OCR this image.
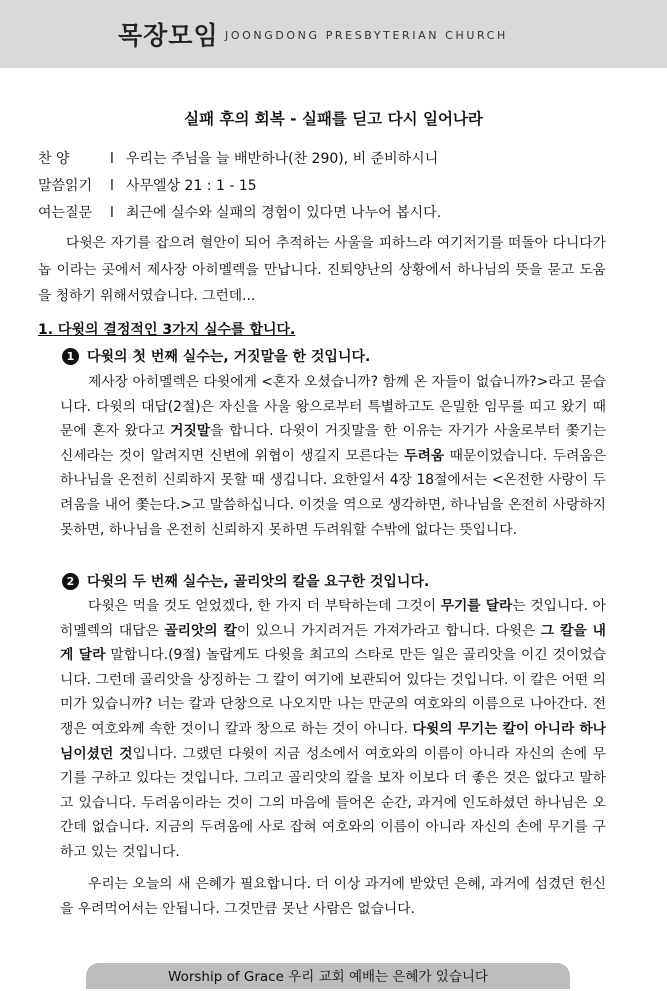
목장모임 JOONGDONG PRESBYTERIAN CHURCH
실패 후의 회복 - 실패를 딛고 다시 일어나라
찬 양	l 우리는 주님을 늘 배반하나(찬 290), 비 준비하시니
말씀읽기 l 사무엘상 21 : 1 - 15
여는질문 l 최근에 실수와 실패의 경험이 있다면 나누어 봅시다.

다윗은 자기를 잡으려 혈안이 되어 추적하는 사울을 피하느라 여기저기를 떠돌아 다니다가 놉 이라는 곳에서 제사장 아히멜렉을 만납니다. 진퇴양난의 상황에서 하나님의 뜻을 묻고 도움을 청하기 위해서였습니다. 그런데...

1. 다윗의 결정적인 3가지 실수를 합니다.
1 다윗의 첫 번째 실수는, 거짓말을 한 것입니다.

제사장 아히멜렉은 다윗에게 <혼자 오셨습니까? 함께 온 자들이 없습니까?>라고 묻습니다. 다윗의 대답(2절)은 자신을 사울 왕으로부터 특별하고도 은밀한 임무를 띠고 왔기 때문에 혼자 왔다고 거짓말을 합니다. 다윗이 거짓말을 한 이유는 자기가 사울로부터 쫓기는 신세라는 것이 알려지면 신변에 위협이 생길지 모른다는 두려움 때문이었습니다. 두려움은 하나님을 온전히 신뢰하지 못할 때 생깁니다. 요한일서 4장 18절에서는 <온전한 사랑이 두려움을 내어 쫓는다.>고 말씀하십니다. 이것을 역으로 생각하면, 하나님을 온전히 사랑하지 못하면, 하나님을 온전히 신뢰하지 못하면 두려워할 수밖에 없다는 뜻입니다.

2 다윗의 두 번째 실수는, 골리앗의 칼을 요구한 것입니다.

다윗은 먹을 것도 얻었겠다, 한 가지 더 부탁하는데 그것이 무기를 달라는 것입니다. 아히멜렉의 대답은 골리앗의 칼이 있으니 가지려거든 가져가라고 합니다. 다윗은 그 칼을 내게 달라 말합니다.(9절) 놀랍게도 다윗을 최고의 스타로 만든 일은 골리앗을 이긴 것이었습니다. 그런데 골리앗을 상징하는 그 칼이 여기에 보관되어 있다는 것입니다. 이 칼은 어떤 의미가 있습니까? 너는 칼과 단창으로 나오지만 나는 만군의 여호와의 이름으로 나아간다. 전쟁은 여호와께 속한 것이니 칼과 창으로 하는 것이 아니다. 다윗의 무기는 칼이 아니라 하나님이셨던 것입니다. 그랬던 다윗이 지금 성소에서 여호와의 이름이 아니라 자신의 손에 무기를 구하고 있다는 것입니다. 그리고 골리앗의 칼을 보자 이보다 더 좋은 것은 없다고 말하고 있습니다. 두려움이라는 것이 그의 마음에 들어온 순간, 과거에 인도하셨던 하나님은 오간데 없습니다. 지금의 두려움에 사로 잡혀 여호와의 이름이 아니라 자신의 손에 무기를 구하고 있는 것입니다.

우리는 오늘의 새 은혜가 필요합니다. 더 이상 과거에 받았던 은혜, 과거에 섬겼던 헌신을 우려먹어서는 안됩니다. 그것만큼 못난 사람은 없습니다.

Worship of Grace 우리 교회 예배는 은혜가 있습니다
